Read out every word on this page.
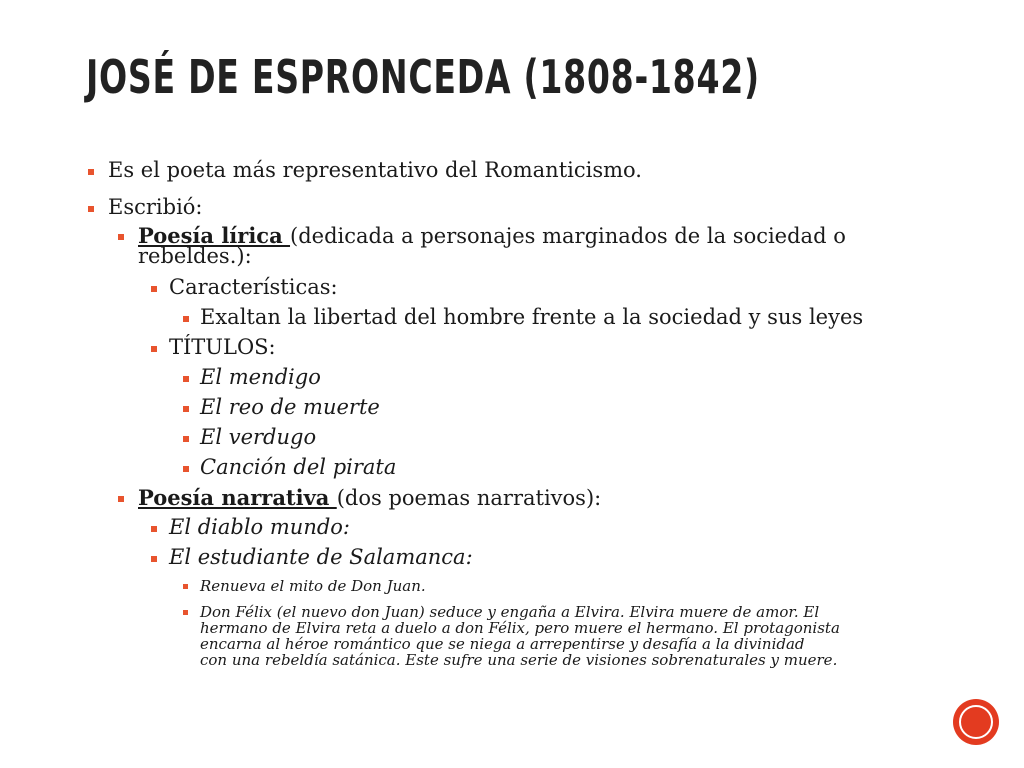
JOSÉ DE ESPRONCEDA (1808-1842)
Es el poeta más representativo del Romanticismo.
Escribió:
Poesía lírica (dedicada a personajes marginados de la sociedad o
rebeldes.):
Características:
Exaltan la libertad del hombre frente a la sociedad y sus leyes
TÍTULOS:
El mendigo
El reo de muerte
El verdugo
Canción del pirata
Poesía narrativa (dos poemas narrativos):
El diablo mundo:
El estudiante de Salamanca:
Renueva el mito de Don Juan.
Don Félix (el nuevo don Juan) seduce y engaña a Elvira. Elvira muere de amor. El
hermano de Elvira reta a duelo a don Félix, pero muere el hermano. El protagonista
encarna al héroe romántico que se niega a arrepentirse y desafía a la divinidad
con una rebeldía satánica. Este sufre una serie de visiones sobrenaturales y muere.
